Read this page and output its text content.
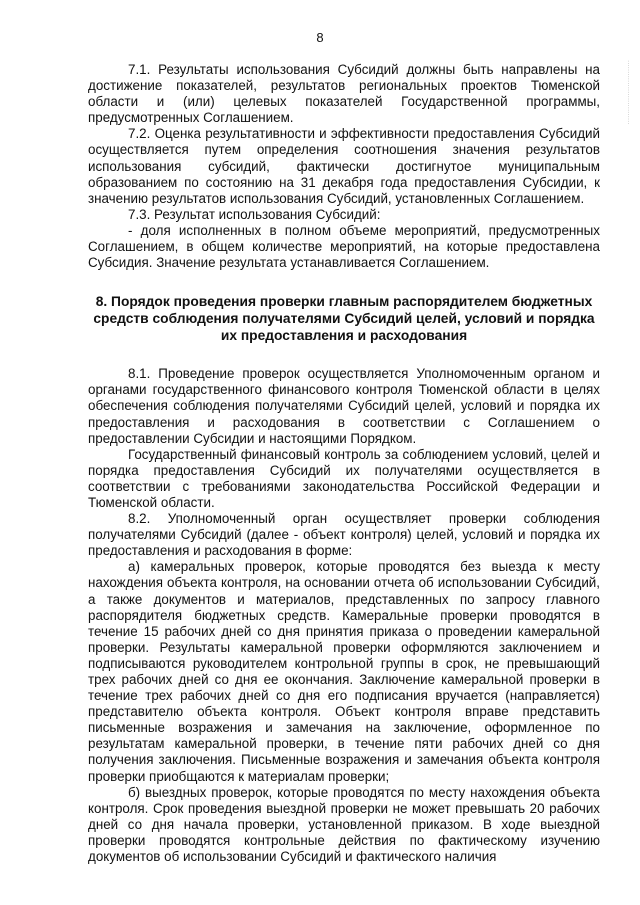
8
.............................

7.1. Результаты использования Субсидий должны быть направлены на достижение показателей, результатов региональных проектов Тюменской области и (или) целевых показателей Государственной программы, предусмотренных Соглашением.

7.2. Оценка результативности и эффективности предоставления Субсидий осуществляется путем определения соотношения значения результатов использования субсидий, фактически достигнутое муниципальным образованием по состоянию на 31 декабря года предоставления Субсидии, к значению результатов использования Субсидий, установленных Соглашением.

7.3. Результат использования Субсидий:

- доля исполненных в полном объеме мероприятий, предусмотренных Соглашением, в общем количестве мероприятий, на которые предоставлена Субсидия. Значение результата устанавливается Соглашением.

8. Порядок проведения проверки главным распорядителем бюджетных средств соблюдения получателями Субсидий целей, условий и порядка их предоставления и расходования

8.1. Проведение проверок осуществляется Уполномоченным органом и органами государственного финансового контроля Тюменской области в целях обеспечения соблюдения получателями Субсидий целей, условий и порядка их предоставления и расходования в соответствии с Соглашением о предоставлении Субсидии и настоящими Порядком.

Государственный финансовый контроль за соблюдением условий, целей и порядка предоставления Субсидий их получателями осуществляется в соответствии с требованиями законодательства Российской Федерации и Тюменской области.

8.2. Уполномоченный орган осуществляет проверки соблюдения получателями Субсидий (далее - объект контроля) целей, условий и порядка их предоставления и расходования в форме:

а) камеральных проверок, которые проводятся без выезда к месту нахождения объекта контроля, на основании отчета об использовании Субсидий, а также документов и материалов, представленных по запросу главного распорядителя бюджетных средств. Камеральные проверки проводятся в течение 15 рабочих дней со дня принятия приказа о проведении камеральной проверки. Результаты камеральной проверки оформляются заключением и подписываются руководителем контрольной группы в срок, не превышающий трех рабочих дней со дня ее окончания. Заключение камеральной проверки в течение трех рабочих дней со дня его подписания вручается (направляется) представителю объекта контроля. Объект контроля вправе представить письменные возражения и замечания на заключение, оформленное по результатам камеральной проверки, в течение пяти рабочих дней со дня получения заключения. Письменные возражения и замечания объекта контроля проверки приобщаются к материалам проверки;

б) выездных проверок, которые проводятся по месту нахождения объекта контроля. Срок проведения выездной проверки не может превышать 20 рабочих дней со дня начала проверки, установленной приказом. В ходе выездной проверки проводятся контрольные действия по фактическому изучению документов об использовании Субсидий и фактического наличия
